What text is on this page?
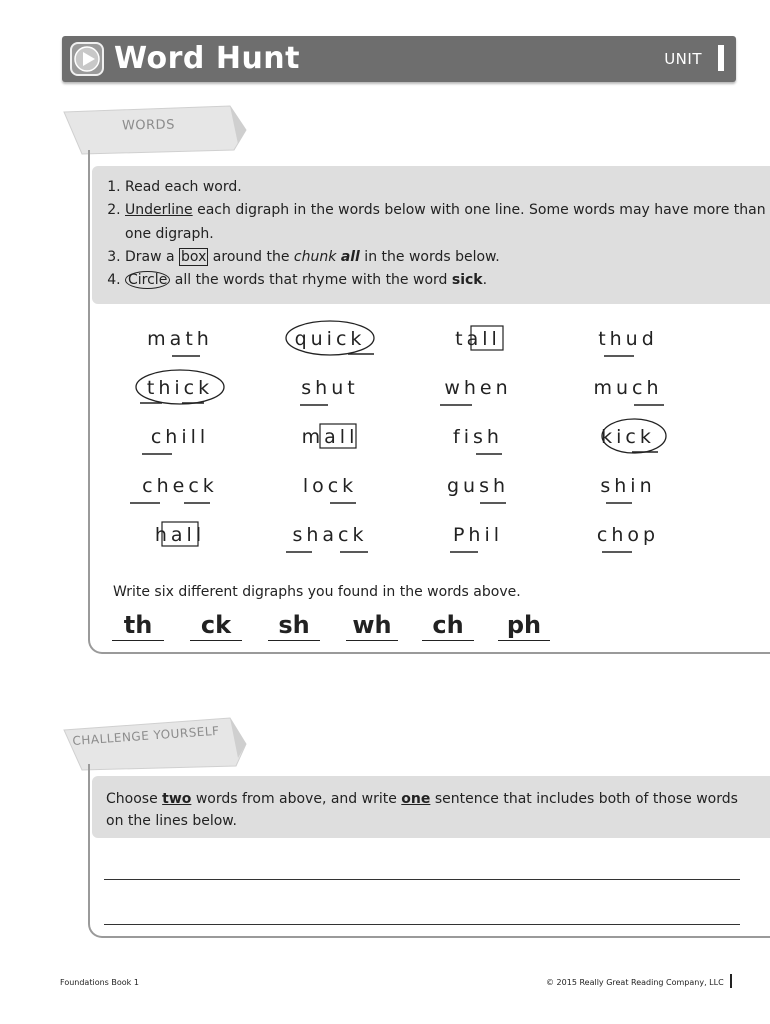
Word Hunt	UNIT
WORDS
1. Read each word.
2. Underline each digraph in the words below with one line. Some words may have more than one digraph.
3. Draw a box around the chunk all in the words below.
4. Circle all the words that rhyme with the word sick.
math	quick	tall	thud
thick	shut	when	much
chill	mall	fish	kick
check	lock	gush	shin
hall	shack	Phil	chop
Write six different digraphs you found in the words above.
th	ck	sh	wh	ch	ph
CHALLENGE YOURSELF
Choose two words from above, and write one sentence that includes both of those words on the lines below.
Foundations Book 1	© 2015 Really Great Reading Company, LLC
